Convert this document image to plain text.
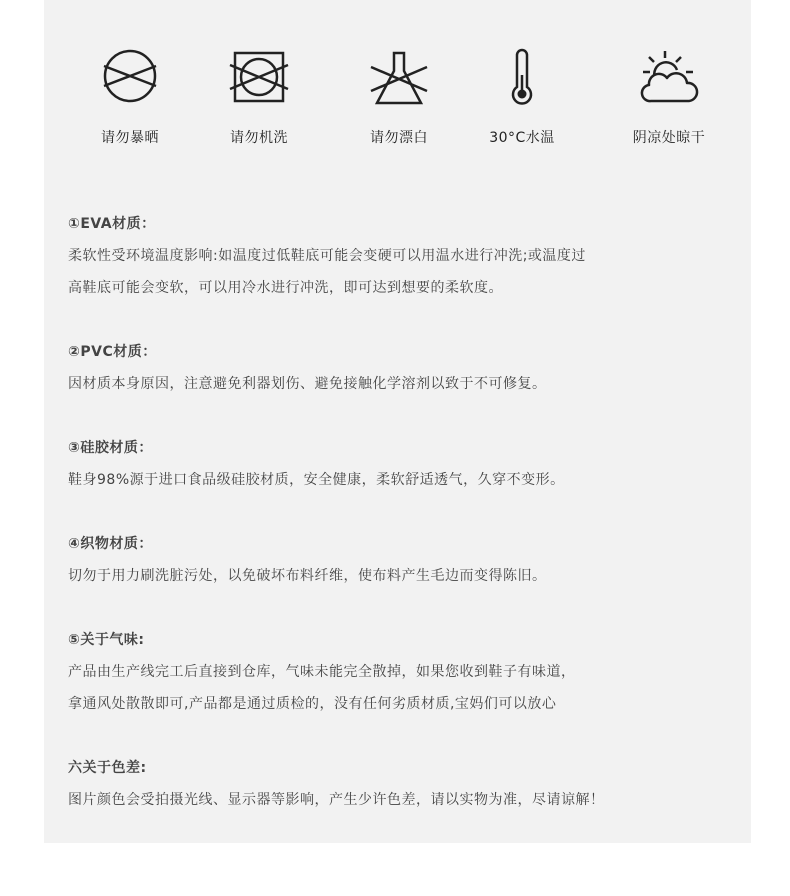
请勿暴晒	请勿机洗	请勿漂白	30°C水温	阴凉处晾干
①EVA材质：
柔软性受环境温度影响:如温度过低鞋底可能会变硬可以用温水进行冲洗;或温度过
高鞋底可能会变软，可以用冷水进行冲洗，即可达到想要的柔软度。
②PVC材质：
因材质本身原因，注意避免利器划伤、避免接触化学溶剂以致于不可修复。
③硅胶材质：
鞋身98%源于进口食品级硅胶材质，安全健康，柔软舒适透气，久穿不变形。
④织物材质：
切勿于用力刷洗脏污处，以免破坏布料纤维，使布料产生毛边而变得陈旧。
⑤关于气味:
产品由生产线完工后直接到仓库，气味未能完全散掉，如果您收到鞋子有味道，
拿通风处散散即可,产品都是通过质检的，没有任何劣质材质,宝妈们可以放心
六关于色差:
图片颜色会受拍摄光线、显示器等影响，产生少许色差，请以实物为准，尽请谅解！
